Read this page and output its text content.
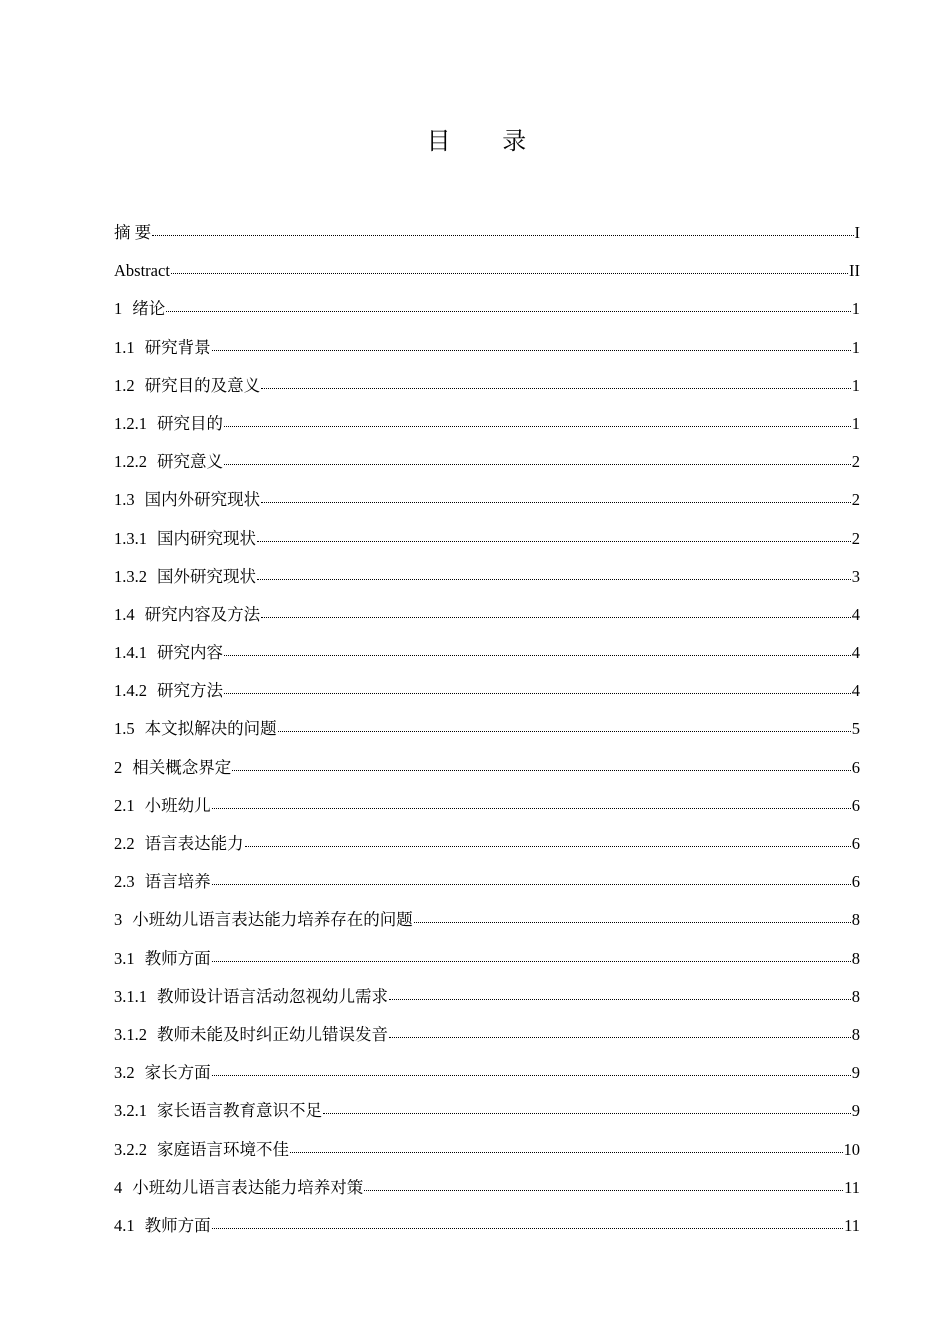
目 录
摘 要	I
Abstract	II
1 绪论	1
1.1 研究背景	1
1.2 研究目的及意义	1
1.2.1 研究目的	1
1.2.2 研究意义	2
1.3 国内外研究现状	2
1.3.1 国内研究现状	2
1.3.2 国外研究现状	3
1.4 研究内容及方法	4
1.4.1 研究内容	4
1.4.2 研究方法	4
1.5 本文拟解决的问题	5
2 相关概念界定	6
2.1 小班幼儿	6
2.2 语言表达能力	6
2.3 语言培养	6
3 小班幼儿语言表达能力培养存在的问题	8
3.1 教师方面	8
3.1.1 教师设计语言活动忽视幼儿需求	8
3.1.2 教师未能及时纠正幼儿错误发音	8
3.2 家长方面	9
3.2.1 家长语言教育意识不足	9
3.2.2 家庭语言环境不佳	10
4 小班幼儿语言表达能力培养对策	11
4.1 教师方面	11
